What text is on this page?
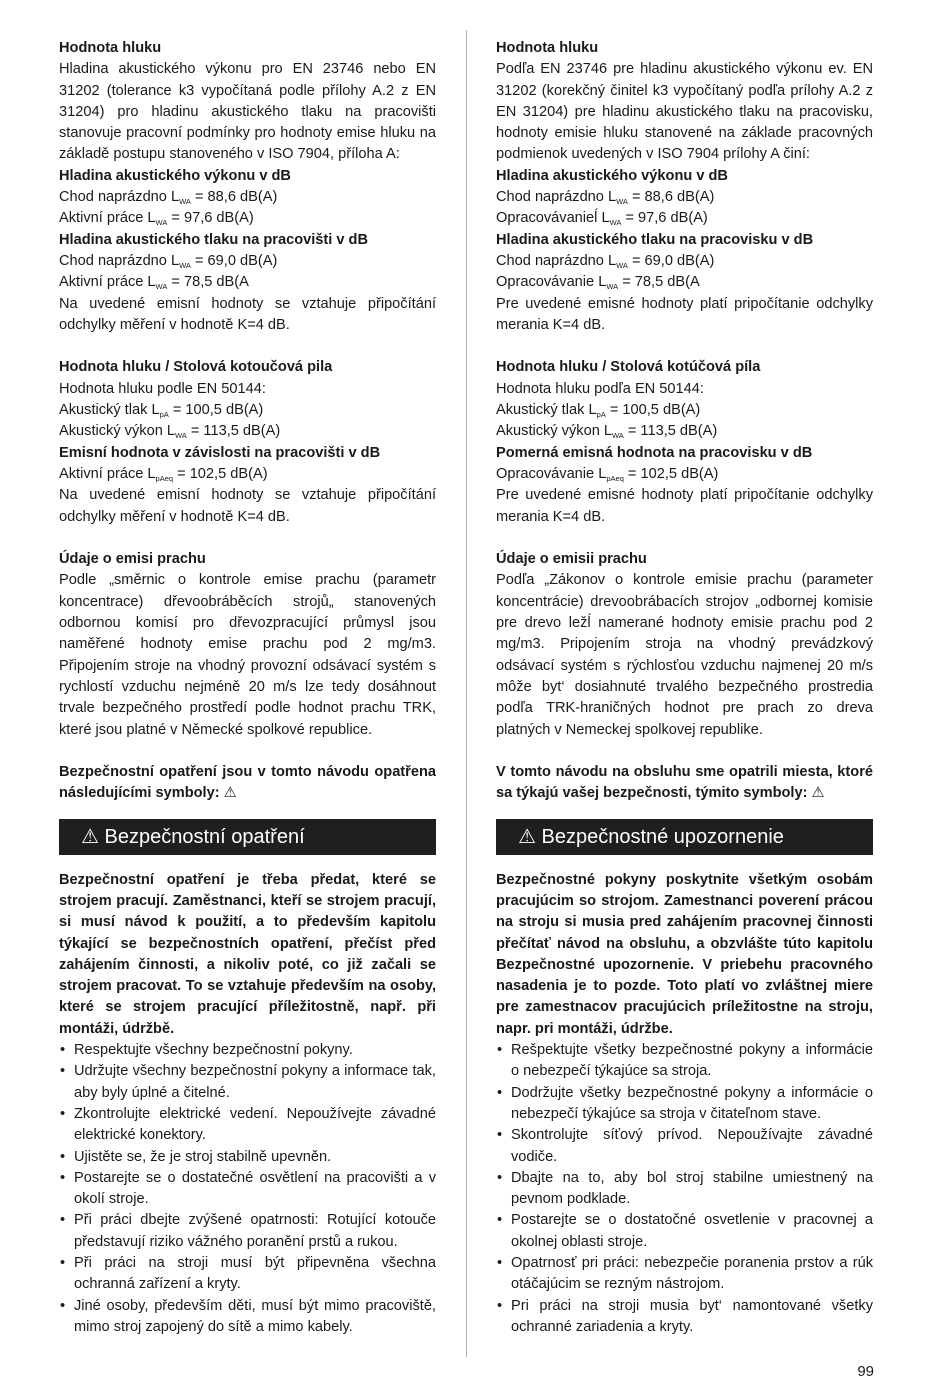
Hodnota hluku

Hladina akustického výkonu pro EN 23746 nebo EN 31202 (tolerance k3 vypočítaná podle přílohy A.2 z EN 31204) pro hladinu akustického tlaku na pracovišti stanovuje pracovní podmínky pro hodnoty emise hluku na základě postupu stanoveného v ISO 7904, příloha A:

Hladina akustického výkonu v dB

Chod naprázdno $L_{WA} = 88,6$ dB(A)

Aktivní práce $L_{WA} = 97,6$ dB(A)

Hladina akustického tlaku na pracovišti v dB

Chod naprázdno $L_{WA} = 69,0$ dB(A)

Aktivní práce $L_{WA} = 78,5$ dB(A

Na uvedené emisní hodnoty se vztahuje připočítání odchylky měření v hodnotě K=4 dB.

Hodnota hluku / Stolová kotoučová pila

Hodnota hluku podle EN 50144:

Akustický tlak $L_{pA} = 100,5$ dB(A)

Akustický výkon $L_{WA} = 113,5$ dB(A)

Emisní hodnota v závislosti na pracovišti v dB

Aktivní práce $L_{pAeq} = 102,5$ dB(A)

Na uvedené emisní hodnoty se vztahuje připočítání odchylky měření v hodnotě K=4 dB.

Údaje o emisi prachu

Podle „směrnic o kontrole emise prachu (parametr koncentrace) dřevoobráběcích strojů„ stanovených odbornou komisí pro dřevozpracující průmysl jsou naměřené hodnoty emise prachu pod 2 mg/m3. Připojením stroje na vhodný provozní odsávací systém s rychlostí vzduchu nejméně 20 m/s lze tedy dosáhnout trvale bezpečného prostředí podle hodnot prachu TRK, které jsou platné v Německé spolkové republice.

Bezpečnostní opatření jsou v tomto návodu opatřena následujícími symboly: ⚠

⚠ Bezpečnostní opatření

Bezpečnostní opatření je třeba předat, které se strojem pracují. Zaměstnanci, kteří se strojem pracují, si musí návod k použití, a to především kapitolu týkající se bezpečnostních opatření, přečíst před zahájením činnosti, a nikoliv poté, co již začali se strojem pracovat. To se vztahuje především na osoby, které se strojem pracující příležitostně, např. při montáži, údržbě.

• Respektujte všechny bezpečnostní pokyny.
• Udržujte všechny bezpečnostní pokyny a informace tak, aby byly úplné a čitelné.
• Zkontrolujte elektrické vedení. Nepoužívejte závadné elektrické konektory.
• Ujistěte se, že je stroj stabilně upevněn.
• Postarejte se o dostatečné osvětlení na pracovišti a v okolí stroje.
• Při práci dbejte zvýšené opatrnosti: Rotující kotouče představují riziko vážného poranění prstů a rukou.
• Při práci na stroji musí být připevněna všechna ochranná zařízení a kryty.
• Jiné osoby, především děti, musí být mimo pracoviště, mimo stroj zapojený do sítě a mimo kabely.

Hodnota hluku

Podľa EN 23746 pre hladinu akustického výkonu ev. EN 31202 (korekčný činitel k3 vypočítaný podľa prílohy A.2 z EN 31204) pre hladinu akustického tlaku na pracovisku, hodnoty emisie hluku stanovené na základe pracovných podmienok uvedených v ISO 7904 prílohy A činí:

Hladina akustického výkonu v dB

Chod naprázdno $L_{WA} = 88,6$ dB(A)

Opracovávanieĺ $L_{WA} = 97,6$ dB(A)

Hladina akustického tlaku na pracovisku v dB

Chod naprázdno $L_{WA} = 69,0$ dB(A)

Opracovávanie $L_{WA} = 78,5$ dB(A

Pre uvedené emisné hodnoty platí pripočítanie odchylky merania K=4 dB.

Hodnota hluku / Stolová kotúčová píla

Hodnota hluku podľa EN 50144:

Akustický tlak $L_{pA} = 100,5$ dB(A)

Akustický výkon $L_{WA} = 113,5$ dB(A)

Pomerná emisná hodnota na pracovisku v dB

Opracovávanie $L_{pAeq} = 102,5$ dB(A)

Pre uvedené emisné hodnoty platí pripočítanie odchylky merania K=4 dB.

Údaje o emisii prachu

Podľa „Zákonov o kontrole emisie prachu (parameter koncentrácie) drevoobrábacích strojov „odbornej komisie pre drevo ležĺ namerané hodnoty emisie prachu pod 2 mg/m3. Pripojením stroja na vhodný prevádzkový odsávací systém s rýchlosťou vzduchu najmenej 20 m/s môže byt‘ dosiahnuté trvalého bezpečného prostredia podľa TRK-hraničných hodnot pre prach zo dreva platných v Nemeckej spolkovej republike.

V tomto návodu na obsluhu sme opatrili miesta, ktoré sa týkajú vašej bezpečnosti, týmito symboly: ⚠

⚠ Bezpečnostné upozornenie

Bezpečnostné pokyny poskytnite všetkým osobám pracujúcim so strojom. Zamestnanci poverení prácou na stroju si musia pred zahájením pracovnej činnosti přečítať návod na obsluhu, a obzvlášte túto kapitolu Bezpečnostné upozornenie. V priebehu pracovného nasadenia je to pozde. Toto platí vo zvláštnej miere pre zamestnacov pracujúcich príležitostne na stroju, napr. pri montáži, údržbe.

• Rešpektujte všetky bezpečnostné pokyny a informácie o nebezpečí týkajúce sa stroja.
• Dodržujte všetky bezpečnostné pokyny a informácie o nebezpečí týkajúce sa stroja v čitateľnom stave.
• Skontrolujte síťový prívod. Nepoužívajte závadné vodiče.
• Dbajte na to, aby bol stroj stabilne umiestnený na pevnom podklade.
• Postarejte se o dostatočné osvetlenie v pracovnej a okolnej oblasti stroje.
• Opatrnosť pri práci: nebezpečie poranenia prstov a rúk otáčajúcim se rezným nástrojom.
• Pri práci na stroji musia byt‘ namontované všetky ochranné zariadenia a kryty.
99
